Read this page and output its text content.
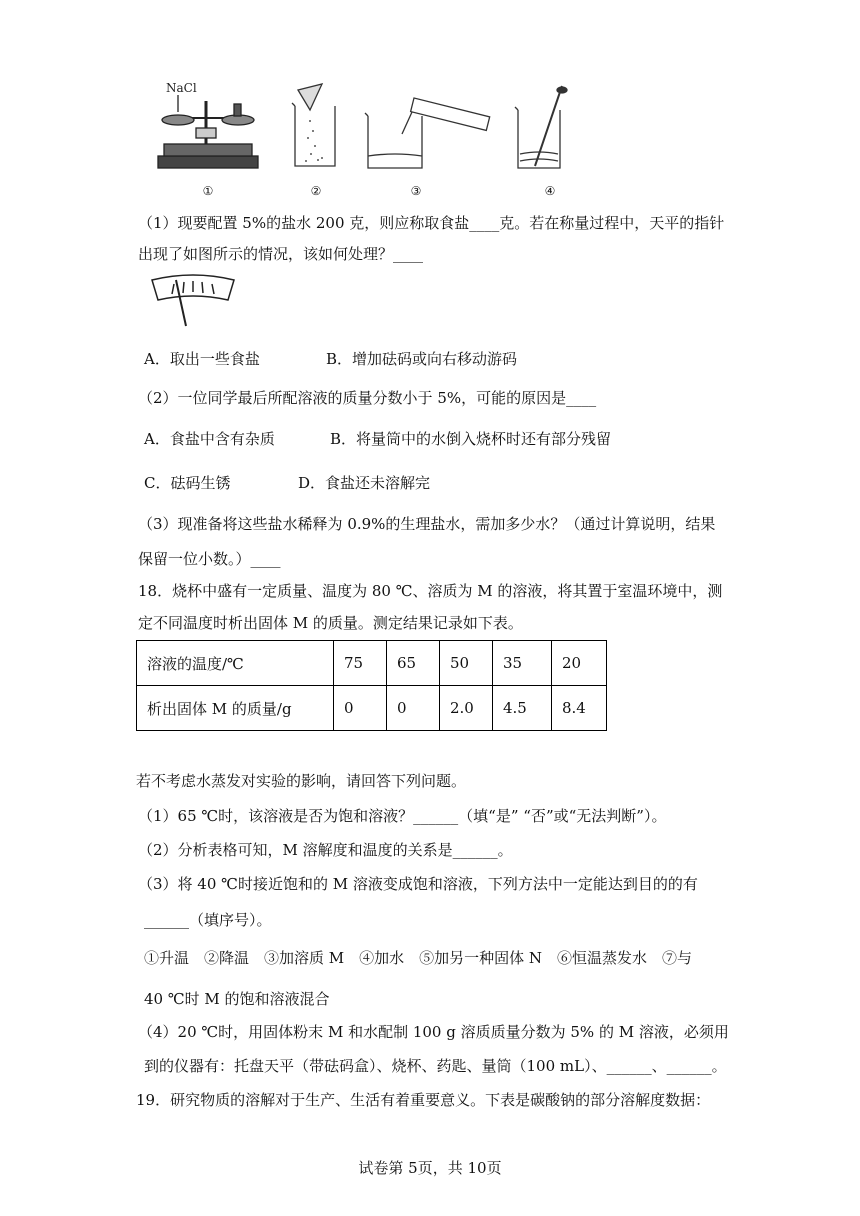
NaCl
①	②	③	④
（1）现要配置 5%的盐水 200 克，则应称取食盐____克。若在称量过程中，天平的指针
出现了如图所示的情况，该如何处理？____
A．取出一些食盐	B．增加砝码或向右移动游码
（2）一位同学最后所配溶液的质量分数小于 5%，可能的原因是____
A．食盐中含有杂质	B．将量筒中的水倒入烧杯时还有部分残留
C．砝码生锈	D．食盐还未溶解完
（3）现准备将这些盐水稀释为 0.9%的生理盐水，需加多少水？（通过计算说明，结果
保留一位小数。）____
18．烧杯中盛有一定质量、温度为 80 ℃、溶质为 M 的溶液，将其置于室温环境中，测
定不同温度时析出固体 M 的质量。测定结果记录如下表。
溶液的温度/℃	75	65	50	35	20
析出固体 M 的质量/g	0	0	2.0	4.5	8.4
若不考虑水蒸发对实验的影响，请回答下列问题。
（1）65 ℃时，该溶液是否为饱和溶液？______（填“是” “否”或“无法判断”）。
（2）分析表格可知，M 溶解度和温度的关系是______。
（3）将 40 ℃时接近饱和的 M 溶液变成饱和溶液，下列方法中一定能达到目的的有
______（填序号）。
①升温　②降温　③加溶质 M　④加水　⑤加另一种固体 N　⑥恒温蒸发水　⑦与
40 ℃时 M 的饱和溶液混合
（4）20 ℃时，用固体粉末 M 和水配制 100 g 溶质质量分数为 5% 的 M 溶液，必须用
到的仪器有：托盘天平（带砝码盒）、烧杯、药匙、量筒（100 mL）、______、______。
19．研究物质的溶解对于生产、生活有着重要意义。下表是碳酸钠的部分溶解度数据：
试卷第 5页，共 10页
